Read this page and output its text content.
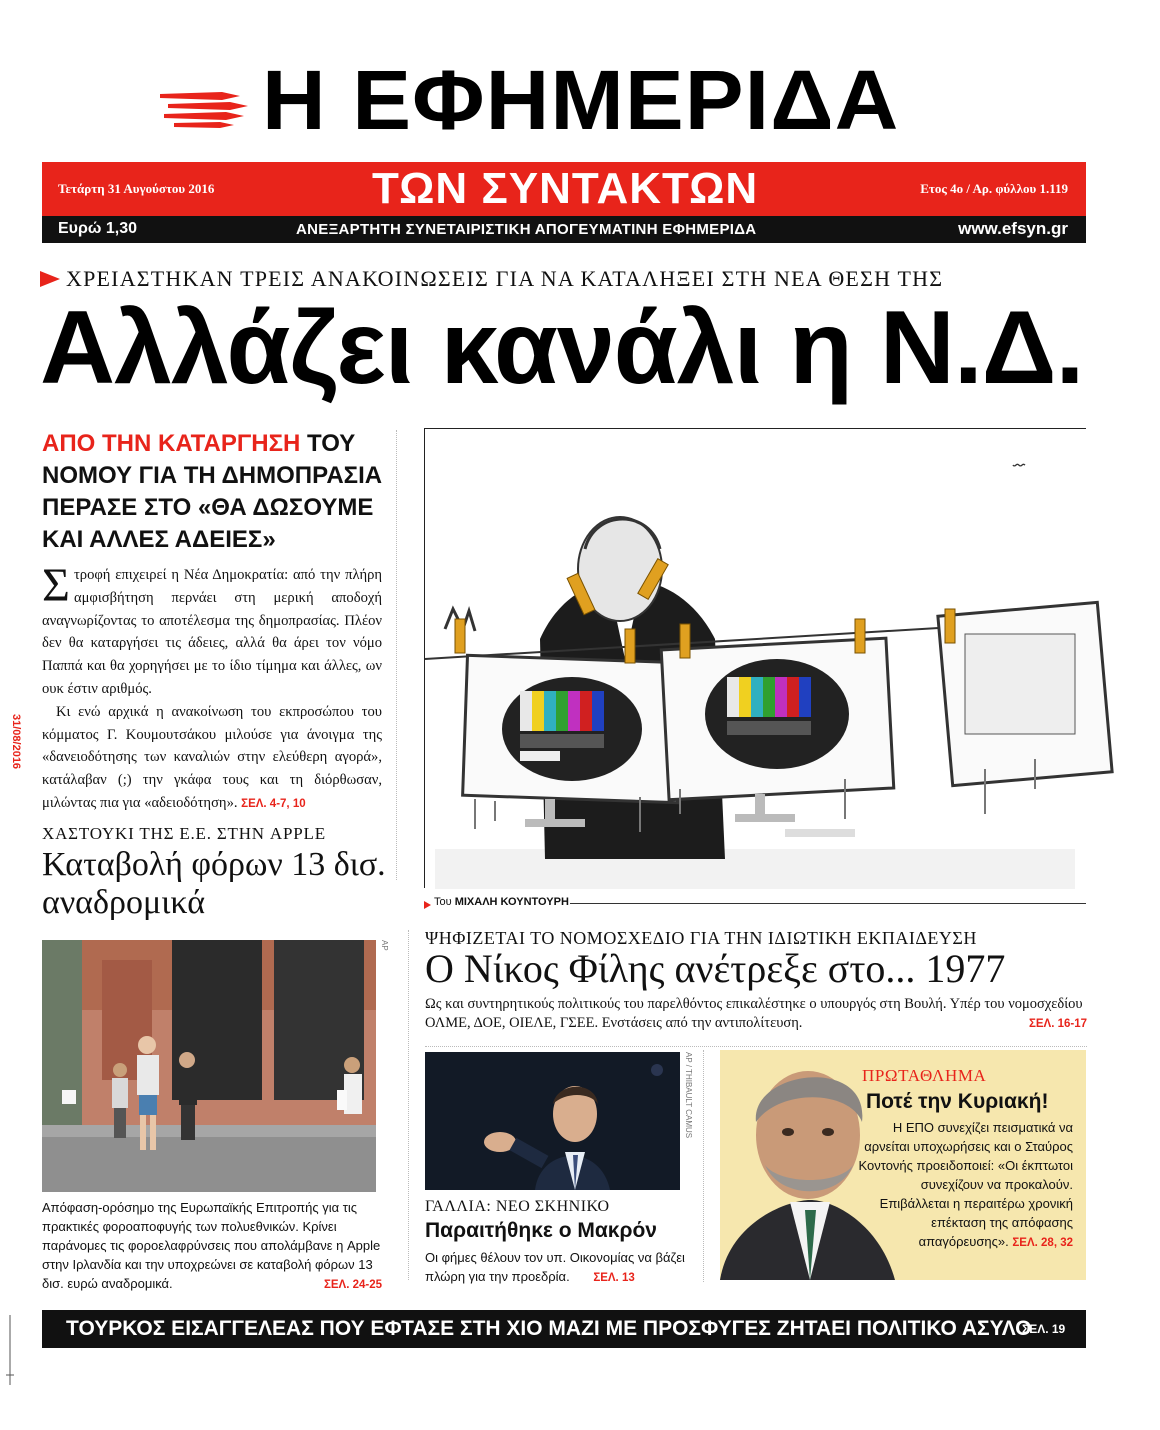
Η ΕΦΗΜΕΡΙΔΑ
Τετάρτη 31 Αυγούστου 2016	ΤΩΝ ΣΥΝΤΑΚΤΩΝ	Ετος 4ο / Αρ. φύλλου 1.119
Ευρώ 1,30	ΑΝΕΞΑΡΤΗΤΗ ΣΥΝΕΤΑΙΡΙΣΤΙΚΗ ΑΠΟΓΕΥΜΑΤΙΝΗ ΕΦΗΜΕΡΙΔΑ	www.efsyn.gr
ΧΡΕΙΑΣΤΗΚΑΝ ΤΡΕΙΣ ΑΝΑΚΟΙΝΩΣΕΙΣ ΓΙΑ ΝΑ ΚΑΤΑΛΗΞΕΙ ΣΤΗ ΝΕΑ ΘΕΣΗ ΤΗΣ
Αλλάζει κανάλι η Ν.Δ.
ΑΠΟ ΤΗΝ ΚΑΤΑΡΓΗΣΗ ΤΟΥ ΝΟΜΟΥ ΓΙΑ ΤΗ ΔΗΜΟΠΡΑΣΙΑ ΠΕΡΑΣΕ ΣΤΟ «ΘΑ ΔΩΣΟΥΜΕ ΚΑΙ ΑΛΛΕΣ ΑΔΕΙΕΣ»

Στροφή επιχειρεί η Νέα Δημοκρατία: από την πλήρη αμφισβήτηση περνάει στη μερική αποδοχή αναγνωρίζοντας το αποτέλεσμα της δημοπρασίας. Πλέον δεν θα καταργήσει τις άδειες, αλλά θα άρει τον νόμο Παππά και θα χορηγήσει με το ίδιο τίμημα και άλλες, ων ουκ έστιν αριθμός.

Κι ενώ αρχικά η ανακοίνωση του εκπροσώπου του κόμματος Γ. Κουμουτσάκου μιλούσε για άνοιγμα της «δανειοδότησης των καναλιών στην ελεύθερη αγορά», κατάλαβαν (;) την γκάφα τους και τη διόρθωσαν, μιλώντας πια για «αδειοδότηση». ΣΕΛ. 4-7, 10

31/08/2016
⌇
Του ΜΙΧΑΛΗ ΚΟΥΝΤΟΥΡΗ
ΧΑΣΤΟΥΚΙ ΤΗΣ Ε.Ε. ΣΤΗΝ APPLE
Καταβολή φόρων 13 δισ. αναδρομικά
AP
Απόφαση-ορόσημο της Ευρωπαϊκής Επιτροπής για τις πρακτικές φοροαποφυγής των πολυεθνικών. Κρίνει παράνομες τις φοροελαφρύνσεις που απολάμβανε η Apple στην Ιρλανδία και την υποχρεώνει σε καταβολή φόρων 13 δισ. ευρώ αναδρομικά.	ΣΕΛ. 24-25
ΨΗΦΙΖΕΤΑΙ ΤΟ ΝΟΜΟΣΧΕΔΙΟ ΓΙΑ ΤΗΝ ΙΔΙΩΤΙΚΗ ΕΚΠΑΙΔΕΥΣΗ
Ο Νίκος Φίλης ανέτρεξε στο... 1977
Ως και συντηρητικούς πολιτικούς του παρελθόντος επικαλέστηκε ο υπουργός στη Βουλή. Υπέρ του νομοσχεδίου ΟΛΜΕ, ΔΟΕ, ΟΙΕΛΕ, ΓΣΕΕ. Ενστάσεις από την αντιπολίτευση.	ΣΕΛ. 16-17
AP / THIBAULT CAMUS
ΓΑΛΛΙΑ: ΝΕΟ ΣΚΗΝΙΚΟ
Παραιτήθηκε ο Μακρόν
Οι φήμες θέλουν τον υπ. Οικονομίας να βάζει πλώρη για την προεδρία. ΣΕΛ. 13
ΠΡΩΤΑΘΛΗΜΑ
Ποτέ την Κυριακή!
Η ΕΠΟ συνεχίζει πεισματικά να αρνείται υποχωρήσεις και ο Σταύρος Κοντονής προειδοποιεί: «Οι έκπτωτοι συνεχίζουν να προκαλούν. Επιβάλλεται η περαιτέρω χρονική επέκταση της απόφασης απαγόρευσης». ΣΕΛ. 28, 32
ΤΟΥΡΚΟΣ ΕΙΣΑΓΓΕΛΕΑΣ ΠΟΥ ΕΦΤΑΣΕ ΣΤΗ ΧΙΟ ΜΑΖΙ ΜΕ ΠΡΟΣΦΥΓΕΣ ΖΗΤΑΕΙ ΠΟΛΙΤΙΚΟ ΑΣΥΛΟ
ΣΕΛ. 19
